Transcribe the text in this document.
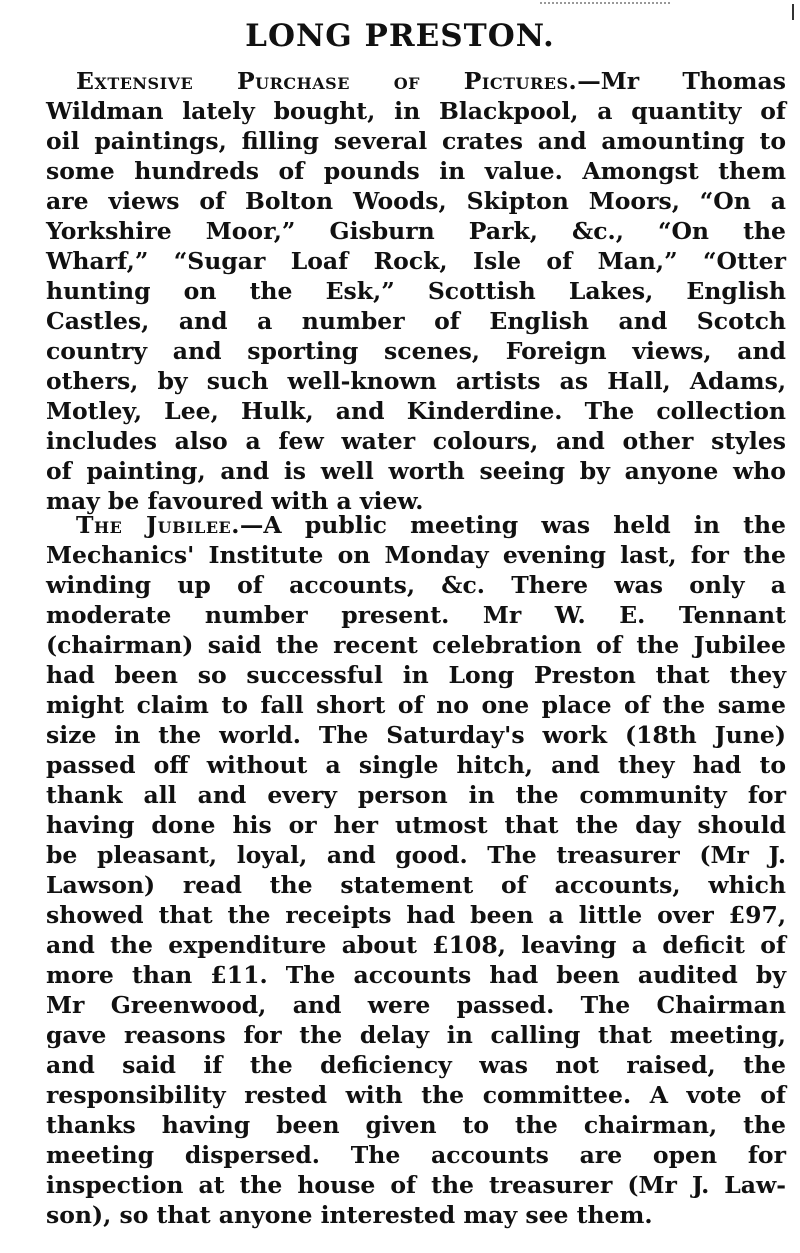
LONG PRESTON.
Extensive Purchase of Pictures.—Mr Thomas
Wildman lately bought, in Blackpool, a quantity of
oil paintings, filling several crates and amounting to
some hundreds of pounds in value. Amongst them
are views of Bolton Woods, Skipton Moors, “On a
Yorkshire Moor,” Gisburn Park, &c., “On the
Wharf,” “Sugar Loaf Rock, Isle of Man,” “Otter
hunting on the Esk,” Scottish Lakes, English
Castles, and a number of English and Scotch
country and sporting scenes, Foreign views, and
others, by such well-known artists as Hall, Adams,
Motley, Lee, Hulk, and Kinderdine. The collection
includes also a few water colours, and other styles
of painting, and is well worth seeing by anyone who
may be favoured with a view.
The Jubilee.—A public meeting was held in the
Mechanics' Institute on Monday evening last, for the
winding up of accounts, &c. There was only a
moderate number present. Mr W. E. Tennant
(chairman) said the recent celebration of the Jubilee
had been so successful in Long Preston that they
might claim to fall short of no one place of the same
size in the world. The Saturday's work (18th June)
passed off without a single hitch, and they had to
thank all and every person in the community for
having done his or her utmost that the day should
be pleasant, loyal, and good. The treasurer (Mr J.
Lawson) read the statement of accounts, which
showed that the receipts had been a little over £97,
and the expenditure about £108, leaving a deficit of
more than £11. The accounts had been audited by
Mr Greenwood, and were passed. The Chairman
gave reasons for the delay in calling that meeting,
and said if the deficiency was not raised, the
responsibility rested with the committee. A vote of
thanks having been given to the chairman, the
meeting dispersed. The accounts are open for
inspection at the house of the treasurer (Mr J. Law-
son), so that anyone interested may see them.
